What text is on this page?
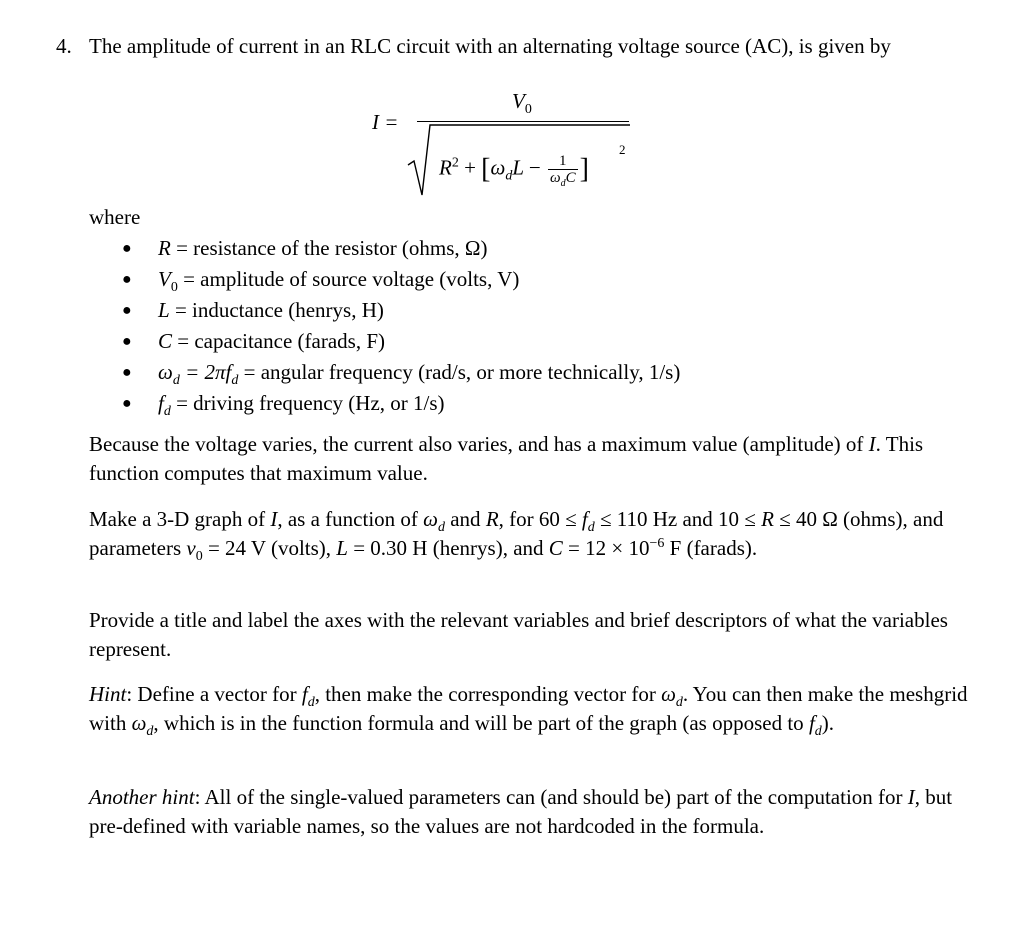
4. The amplitude of current in an RLC circuit with an alternating voltage source (AC), is given by
I =
$V_0$
$R^2 + [\omega_dL - \frac{1}{\omega_dC}$ ]
2
where
● R = resistance of the resistor (ohms, Ω)
● $V_0$ = amplitude of source voltage (volts, V)
● L = inductance (henrys, H)
● C = capacitance (farads, F)
● $\omega_d = 2\pi f_d$ = angular frequency (rad/s, or more technically, 1/s)
● $f_d$ = driving frequency (Hz, or 1/s)
Because the voltage varies, the current also varies, and has a maximum value (amplitude) of I. This function computes that maximum value.
Make a 3-D graph of I, as a function of $\omega_d$ and R, for $60 \le f_d \le 110$ Hz and 10 ≤ R ≤ 40 Ω (ohms), and parameters $v_0 = 24$ V (volts), L = 0.30 H (henrys), and $C = 12 \times 10^{-6}$ F (farads).
Provide a title and label the axes with the relevant variables and brief descriptors of what the variables represent.
Hint: Define a vector for $f_d$, then make the corresponding vector for $\omega_d$. You can then make the meshgrid with $\omega_d$, which is in the function formula and will be part of the graph (as opposed to $f_d$).
Another hint: All of the single-valued parameters can (and should be) part of the computation for I, but pre-defined with variable names, so the values are not hardcoded in the formula.
